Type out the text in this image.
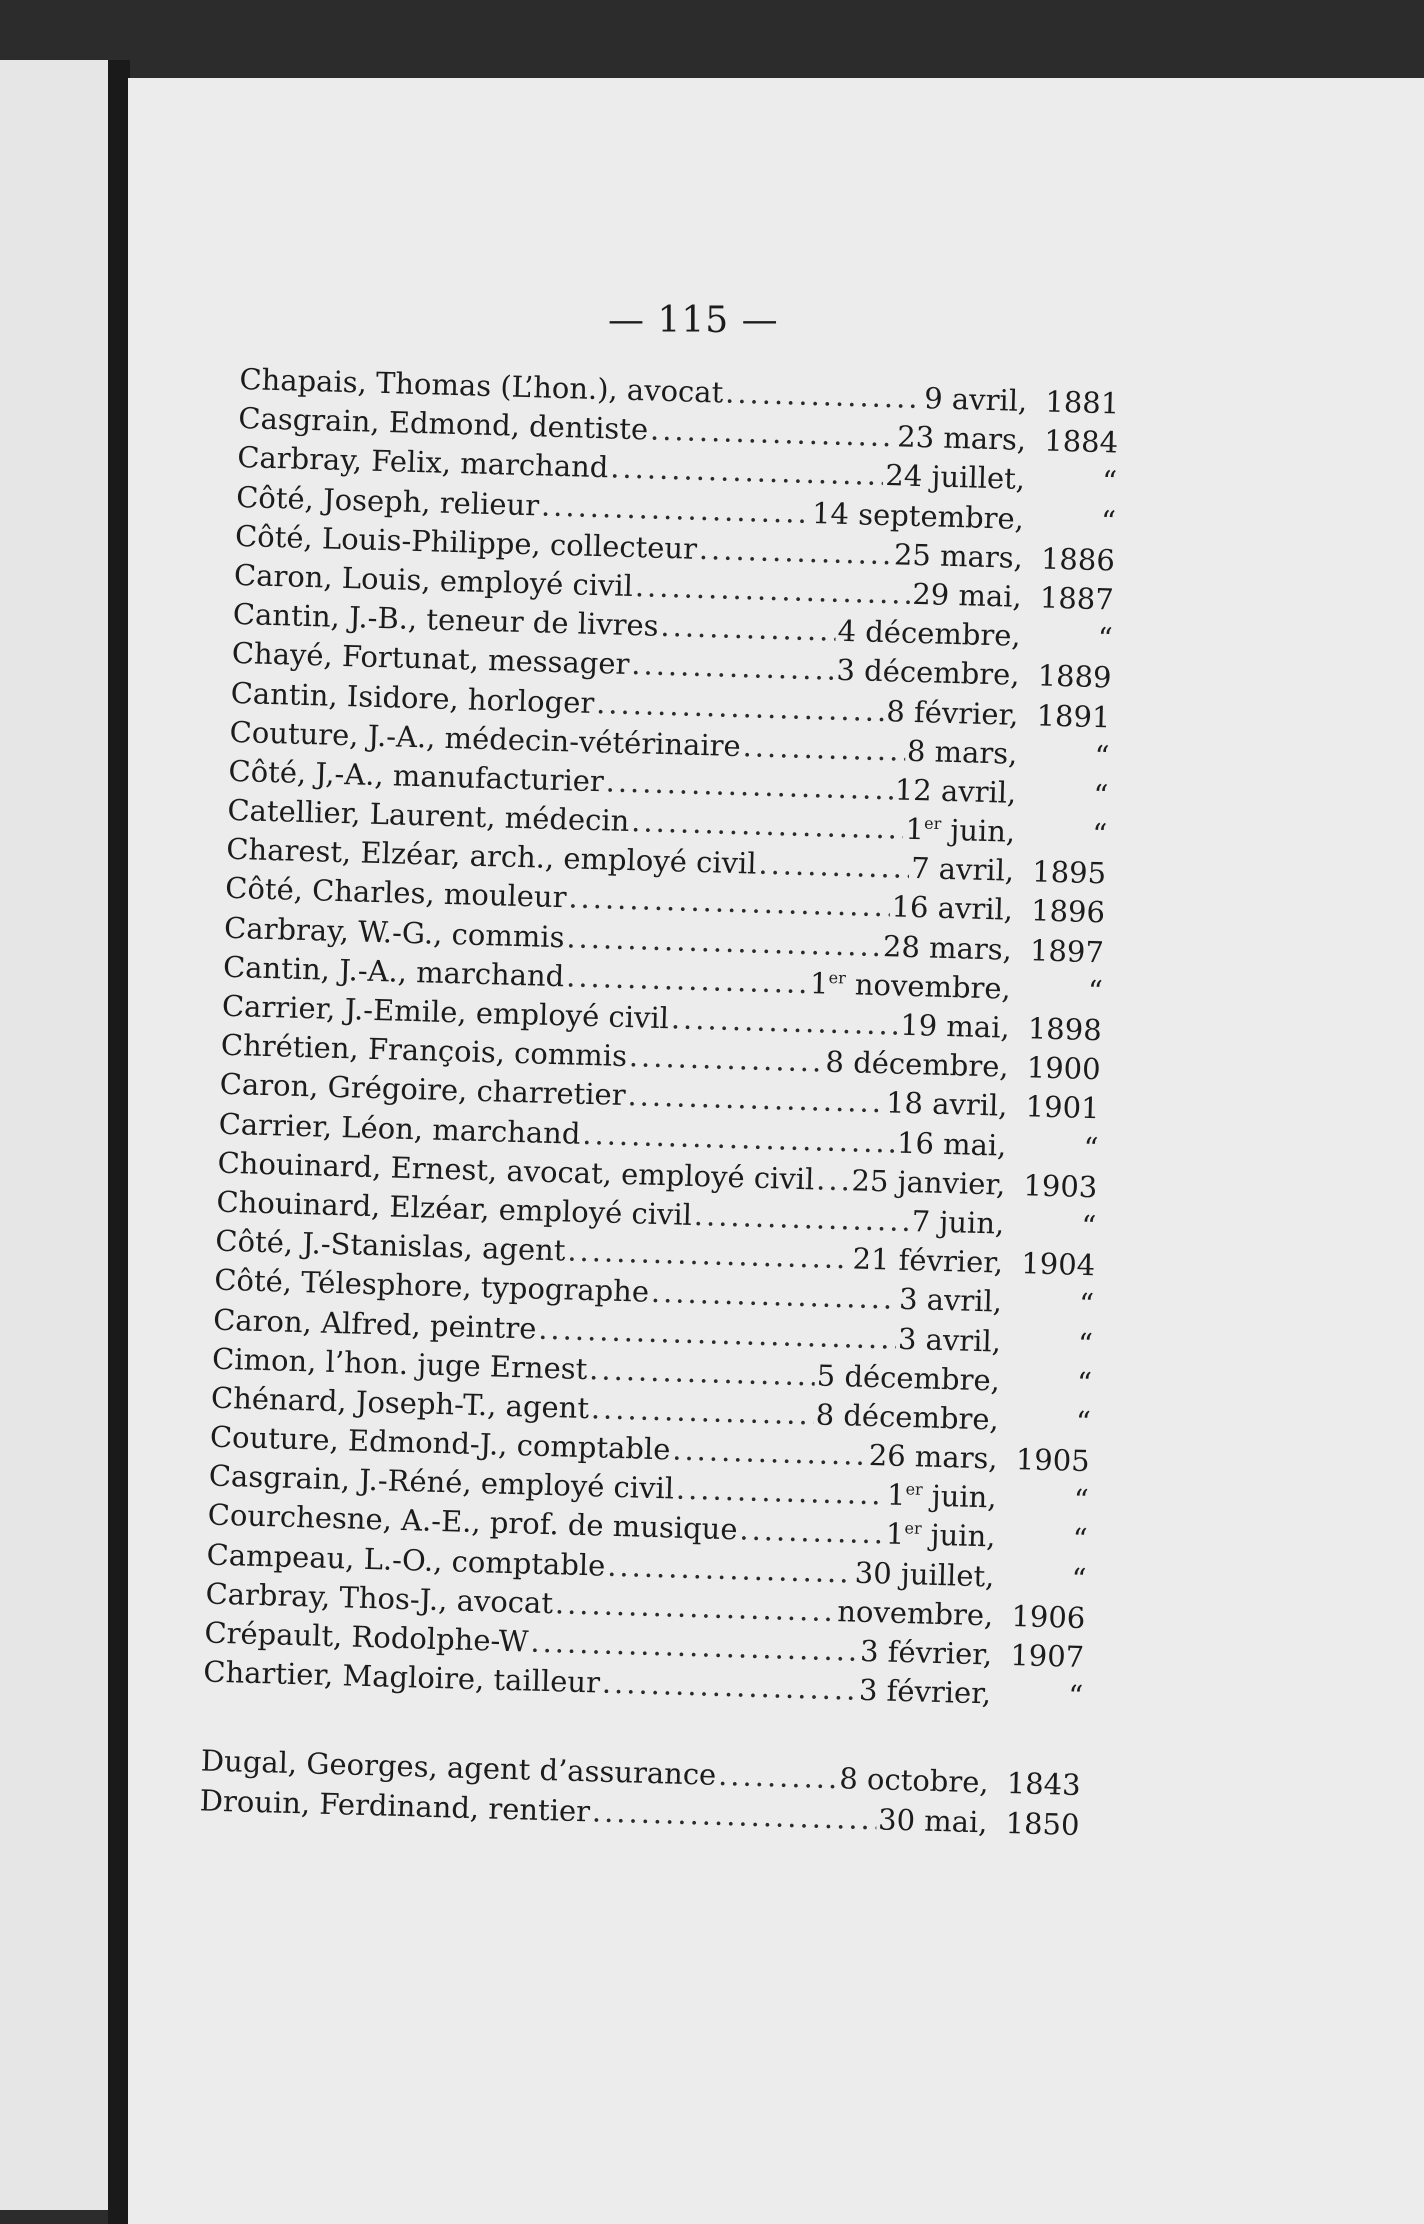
— 115 —
Chapais, Thomas (L’hon.), avocat .....	9 avril, 1881
Casgrain, Edmond, dentiste .....	23 mars, 1884
Carbray, Felix, marchand .....	24 juillet,	“
Côté, Joseph, relieur .....	14 septembre,	“
Côté, Louis-Philippe, collecteur .....	25 mars, 1886
Caron, Louis, employé civil .....	29 mai, 1887
Cantin, J.-B., teneur de livres .....	4 décembre,	“
Chayé, Fortunat, messager .....	3 décembre, 1889
Cantin, Isidore, horloger .....	8 février, 1891
Couture, J.-A., médecin-vétérinaire .....	8 mars,	“
Côté, J,-A., manufacturier .....	12 avril,	“
Catellier, Laurent, médecin .....	1er juin,	“
Charest, Elzéar, arch., employé civil .....	7 avril, 1895
Côté, Charles, mouleur .....	16 avril, 1896
Carbray, W.-G., commis .....	28 mars, 1897
Cantin, J.-A., marchand .....	1er novembre,	“
Carrier, J.-Emile, employé civil .....	19 mai, 1898
Chrétien, François, commis .....	8 décembre, 1900
Caron, Grégoire, charretier .....	18 avril, 1901
Carrier, Léon, marchand .....	16 mai,	“
Chouinard, Ernest, avocat, employé civil ..... 25 janvier, 1903
Chouinard, Elzéar, employé civil .....	7 juin,	“
Côté, J.-Stanislas, agent .....	21 février, 1904
Côté, Télesphore, typographe .....	3 avril,	“
Caron, Alfred, peintre .....	3 avril,	“
Cimon, l’hon. juge Ernest .....	5 décembre,	“
Chénard, Joseph-T., agent .....	8 décembre,	“
Couture, Edmond-J., comptable .....	26 mars, 1905
Casgrain, J.-Réné, employé civil .....	1er juin,	“
Courchesne, A.-E., prof. de musique .....	1er juin,	“
Campeau, L.-O., comptable .....	30 juillet,	“
Carbray, Thos-J., avocat .....	novembre, 1906
Crépault, Rodolphe-W .....	3 février, 1907
Chartier, Magloire, tailleur .....	3 février,	“
Dugal, Georges, agent d’assurance .....	8 octobre, 1843
Drouin, Ferdinand, rentier .....	30 mai, 1850
